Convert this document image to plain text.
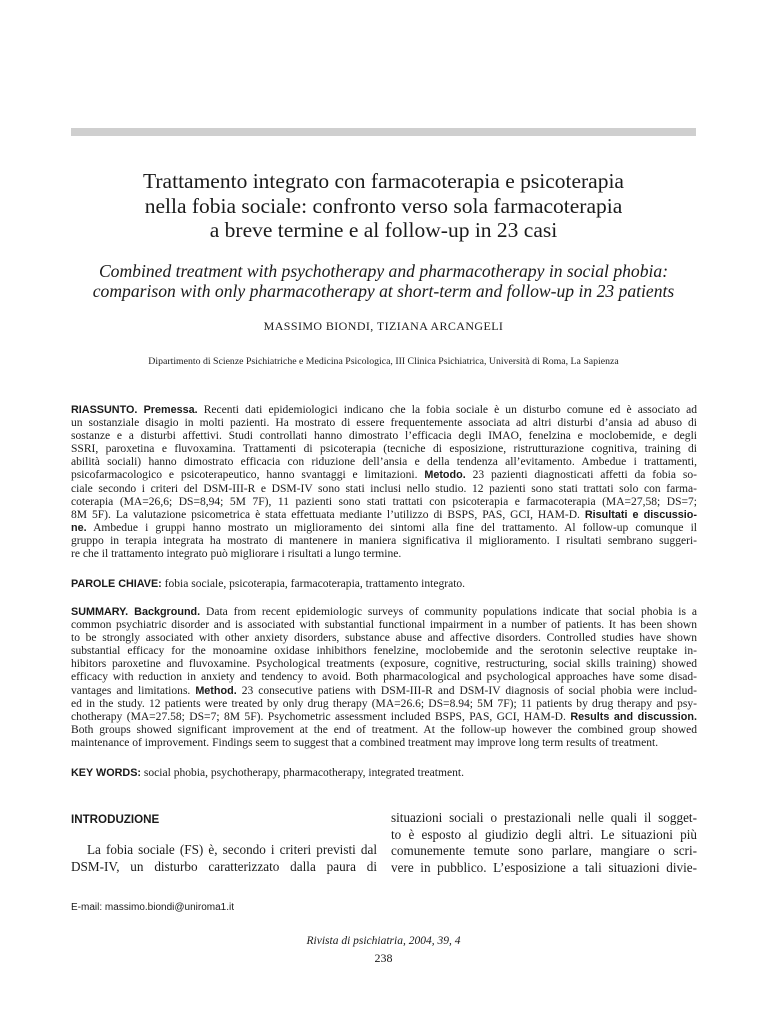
Trattamento integrato con farmacoterapia e psicoterapia
nella fobia sociale: confronto verso sola farmacoterapia
a breve termine e al follow-up in 23 casi
Combined treatment with psychotherapy and pharmacotherapy in social phobia:
comparison with only pharmacotherapy at short-term and follow-up in 23 patients
MASSIMO BIONDI, TIZIANA ARCANGELI
Dipartimento di Scienze Psichiatriche e Medicina Psicologica, III Clinica Psichiatrica, Università di Roma, La Sapienza
RIASSUNTO. Premessa. Recenti dati epidemiologici indicano che la fobia sociale è un disturbo comune ed è associato ad
un sostanziale disagio in molti pazienti. Ha mostrato di essere frequentemente associata ad altri disturbi d’ansia ad abuso di
sostanze e a disturbi affettivi. Studi controllati hanno dimostrato l’efficacia degli IMAO, fenelzina e moclobemide, e degli
SSRI, paroxetina e fluvoxamina. Trattamenti di psicoterapia (tecniche di esposizione, ristrutturazione cognitiva, training di
abilità sociali) hanno dimostrato efficacia con riduzione dell’ansia e della tendenza all’evitamento. Ambedue i trattamenti,
psicofarmacologico e psicoterapeutico, hanno svantaggi e limitazioni. Metodo. 23 pazienti diagnosticati affetti da fobia so-
ciale secondo i criteri del DSM-III-R e DSM-IV sono stati inclusi nello studio. 12 pazienti sono stati trattati solo con farma-
coterapia (MA=26,6; DS=8,94; 5M 7F), 11 pazienti sono stati trattati con psicoterapia e farmacoterapia (MA=27,58; DS=7;
8M 5F). La valutazione psicometrica è stata effettuata mediante l’utilizzo di BSPS, PAS, GCI, HAM-D. Risultati e discussio-
ne. Ambedue i gruppi hanno mostrato un miglioramento dei sintomi alla fine del trattamento. Al follow-up comunque il
gruppo in terapia integrata ha mostrato di mantenere in maniera significativa il miglioramento. I risultati sembrano suggeri-
re che il trattamento integrato può migliorare i risultati a lungo termine.
PAROLE CHIAVE: fobia sociale, psicoterapia, farmacoterapia, trattamento integrato.
SUMMARY. Background. Data from recent epidemiologic surveys of community populations indicate that social phobia is a
common psychiatric disorder and is associated with substantial functional impairment in a number of patients. It has been shown
to be strongly associated with other anxiety disorders, substance abuse and affective disorders. Controlled studies have shown
substantial efficacy for the monoamine oxidase inhibithors fenelzine, moclobemide and the serotonin selective reuptake in-
hibitors paroxetine and fluvoxamine. Psychological treatments (exposure, cognitive, restructuring, social skills training) showed
efficacy with reduction in anxiety and tendency to avoid. Both pharmacological and psychological approaches have some disad-
vantages and limitations. Method. 23 consecutive patiens with DSM-III-R and DSM-IV diagnosis of social phobia were includ-
ed in the study. 12 patients were treated by only drug therapy (MA=26.6; DS=8.94; 5M 7F); 11 patients by drug therapy and psy-
chotherapy (MA=27.58; DS=7; 8M 5F). Psychometric assessment included BSPS, PAS, GCI, HAM-D. Results and discussion.
Both groups showed significant improvement at the end of treatment. At the follow-up however the combined group showed
maintenance of improvement. Findings seem to suggest that a combined treatment may improve long term results of treatment.
KEY WORDS: social phobia, psychotherapy, pharmacotherapy, integrated treatment.
INTRODUZIONE
La fobia sociale (FS) è, secondo i criteri previsti dal
DSM-IV, un disturbo caratterizzato dalla paura di
situazioni sociali o prestazionali nelle quali il sogget-
to è esposto al giudizio degli altri. Le situazioni più
comunemente temute sono parlare, mangiare o scri-
vere in pubblico. L’esposizione a tali situazioni divie-
E-mail: massimo.biondi@uniroma1.it
Rivista di psichiatria, 2004, 39, 4
238
